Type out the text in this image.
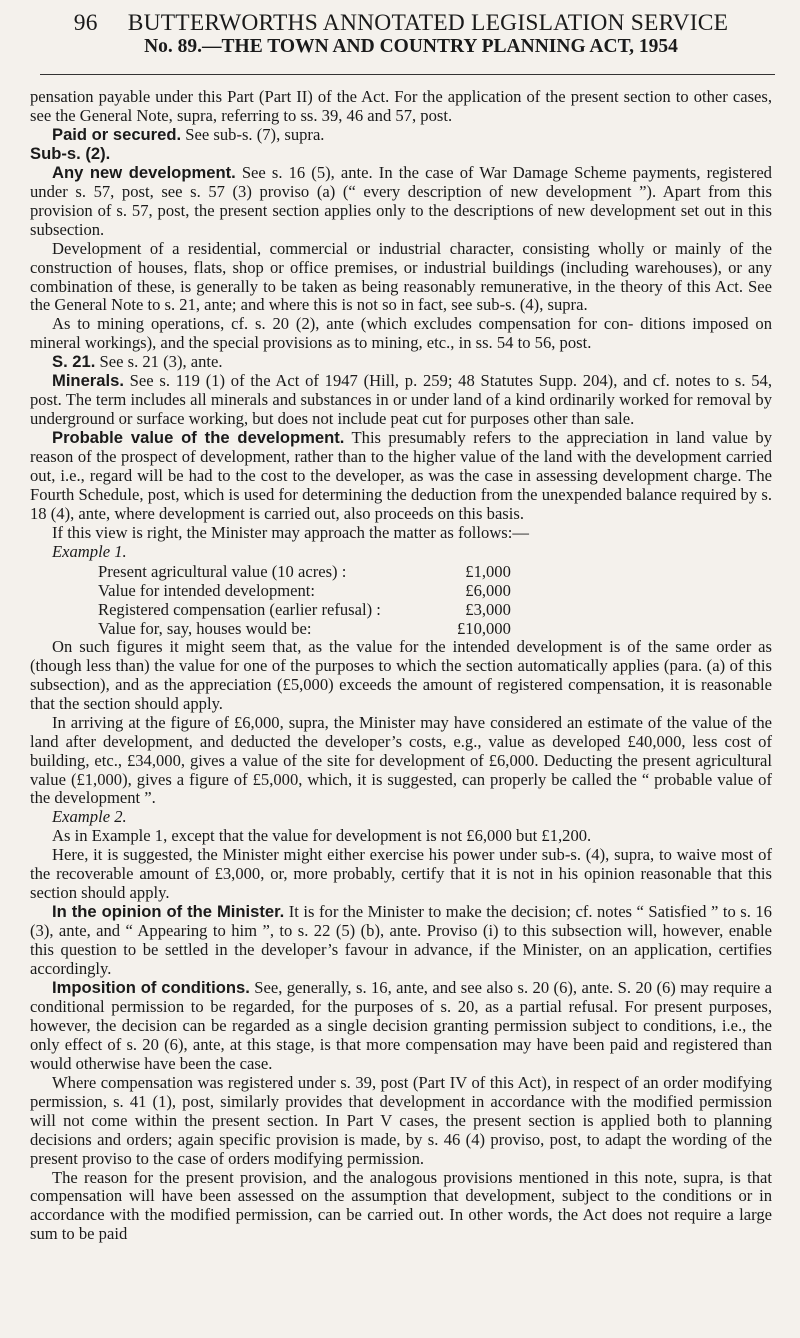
96 BUTTERWORTHS ANNOTATED LEGISLATION SERVICE
No. 89.—THE TOWN AND COUNTRY PLANNING ACT, 1954

pensation payable under this Part (Part II) of the Act. For the application of the present section to other cases, see the General Note, supra, referring to ss. 39, 46 and 57, post.

Paid or secured. See sub-s. (7), supra.

Sub-s. (2).

Any new development. See s. 16 (5), ante. In the case of War Damage Scheme payments, registered under s. 57, post, see s. 57 (3) proviso (a) (“ every description of new development ”). Apart from this provision of s. 57, post, the present section applies only to the descriptions of new development set out in this subsection.

Development of a residential, commercial or industrial character, consisting wholly or mainly of the construction of houses, flats, shop or office premises, or industrial buildings (including warehouses), or any combination of these, is generally to be taken as being reasonably remunerative, in the theory of this Act. See the General Note to s. 21, ante; and where this is not so in fact, see sub-s. (4), supra.

As to mining operations, cf. s. 20 (2), ante (which excludes compensation for con- ditions imposed on mineral workings), and the special provisions as to mining, etc., in ss. 54 to 56, post.

S. 21. See s. 21 (3), ante.

Minerals. See s. 119 (1) of the Act of 1947 (Hill, p. 259; 48 Statutes Supp. 204), and cf. notes to s. 54, post. The term includes all minerals and substances in or under land of a kind ordinarily worked for removal by underground or surface working, but does not include peat cut for purposes other than sale.

Probable value of the development. This presumably refers to the appreciation in land value by reason of the prospect of development, rather than to the higher value of the land with the development carried out, i.e., regard will be had to the cost to the developer, as was the case in assessing development charge. The Fourth Schedule, post, which is used for determining the deduction from the unexpended balance required by s. 18 (4), ante, where development is carried out, also proceeds on this basis.

If this view is right, the Minister may approach the matter as follows:—

Example 1.

Present agricultural value (10 acres) :	£1,000
Value for intended development:	£6,000
Registered compensation (earlier refusal) :	£3,000
Value for, say, houses would be:	£10,000

On such figures it might seem that, as the value for the intended development is of the same order as (though less than) the value for one of the purposes to which the section automatically applies (para. (a) of this subsection), and as the appreciation (£5,000) exceeds the amount of registered compensation, it is reasonable that the section should apply.

In arriving at the figure of £6,000, supra, the Minister may have considered an estimate of the value of the land after development, and deducted the developer’s costs, e.g., value as developed £40,000, less cost of building, etc., £34,000, gives a value of the site for development of £6,000. Deducting the present agricultural value (£1,000), gives a figure of £5,000, which, it is suggested, can properly be called the “ probable value of the development ”.

Example 2.

As in Example 1, except that the value for development is not £6,000 but £1,200.

Here, it is suggested, the Minister might either exercise his power under sub-s. (4), supra, to waive most of the recoverable amount of £3,000, or, more probably, certify that it is not in his opinion reasonable that this section should apply.

In the opinion of the Minister. It is for the Minister to make the decision; cf. notes “ Satisfied ” to s. 16 (3), ante, and “ Appearing to him ”, to s. 22 (5) (b), ante. Proviso (i) to this subsection will, however, enable this question to be settled in the developer’s favour in advance, if the Minister, on an application, certifies accordingly.

Imposition of conditions. See, generally, s. 16, ante, and see also s. 20 (6), ante. S. 20 (6) may require a conditional permission to be regarded, for the purposes of s. 20, as a partial refusal. For present purposes, however, the decision can be regarded as a single decision granting permission subject to conditions, i.e., the only effect of s. 20 (6), ante, at this stage, is that more compensation may have been paid and registered than would otherwise have been the case.

Where compensation was registered under s. 39, post (Part IV of this Act), in respect of an order modifying permission, s. 41 (1), post, similarly provides that development in accordance with the modified permission will not come within the present section. In Part V cases, the present section is applied both to planning decisions and orders; again specific provision is made, by s. 46 (4) proviso, post, to adapt the wording of the present proviso to the case of orders modifying permission.

The reason for the present provision, and the analogous provisions mentioned in this note, supra, is that compensation will have been assessed on the assumption that development, subject to the conditions or in accordance with the modified permission, can be carried out. In other words, the Act does not require a large sum to be paid
